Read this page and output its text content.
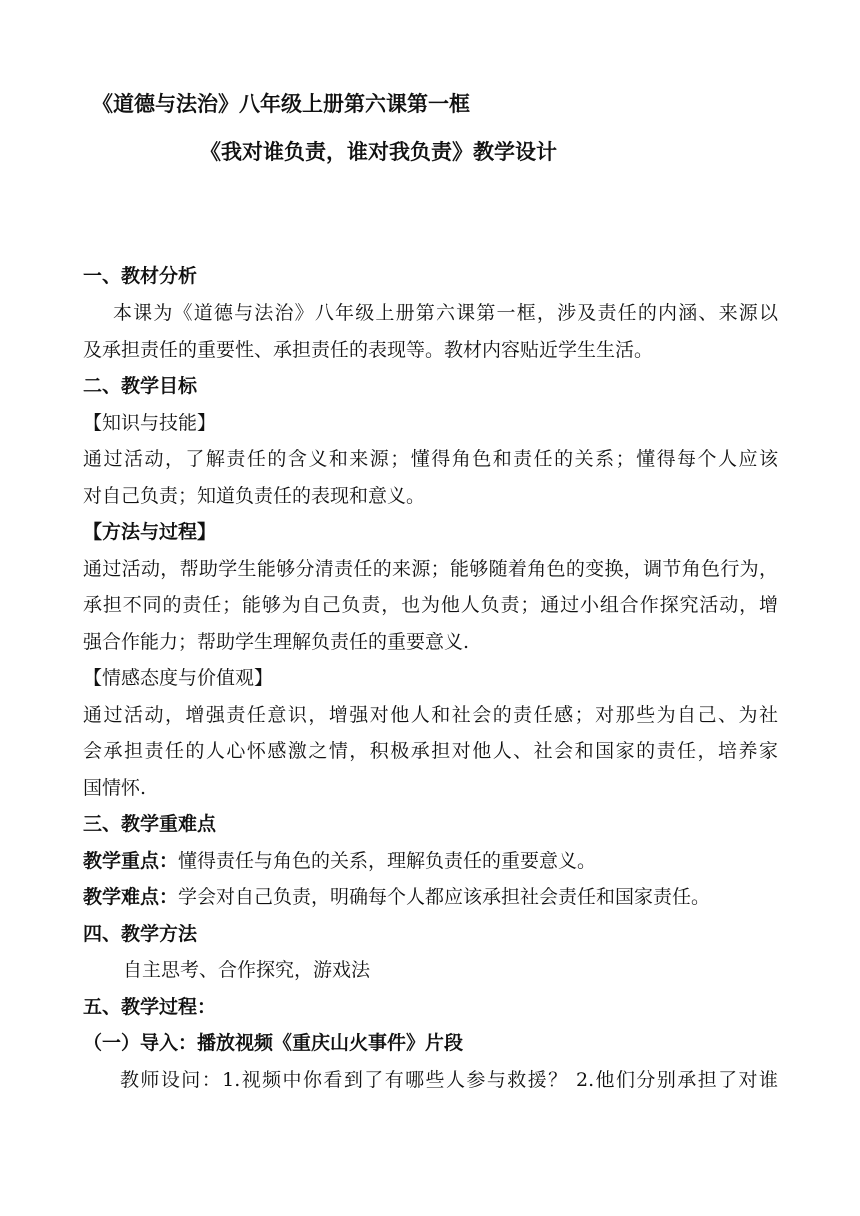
《道德与法治》八年级上册第六课第一框
《我对谁负责，谁对我负责》教学设计
一、教材分析
本课为《道德与法治》八年级上册第六课第一框，涉及责任的内涵、来源以
及承担责任的重要性、承担责任的表现等。教材内容贴近学生生活。
二、教学目标
【知识与技能】
通过活动，了解责任的含义和来源；懂得角色和责任的关系；懂得每个人应该
对自己负责；知道负责任的表现和意义。
【方法与过程】
通过活动，帮助学生能够分清责任的来源；能够随着角色的变换，调节角色行为，
承担不同的责任；能够为自己负责，也为他人负责；通过小组合作探究活动，增
强合作能力；帮助学生理解负责任的重要意义.
【情感态度与价值观】
通过活动，增强责任意识，增强对他人和社会的责任感；对那些为自己、为社
会承担责任的人心怀感激之情，积极承担对他人、社会和国家的责任，培养家
国情怀.
三、教学重难点
教学重点：懂得责任与角色的关系，理解负责任的重要意义。
教学难点：学会对自己负责，明确每个人都应该承担社会责任和国家责任。
四、教学方法
自主思考、合作探究，游戏法
五、教学过程：
（一）导入：播放视频《重庆山火事件》片段
教师设问：1.视频中你看到了有哪些人参与救援？ 2.他们分别承担了对谁
